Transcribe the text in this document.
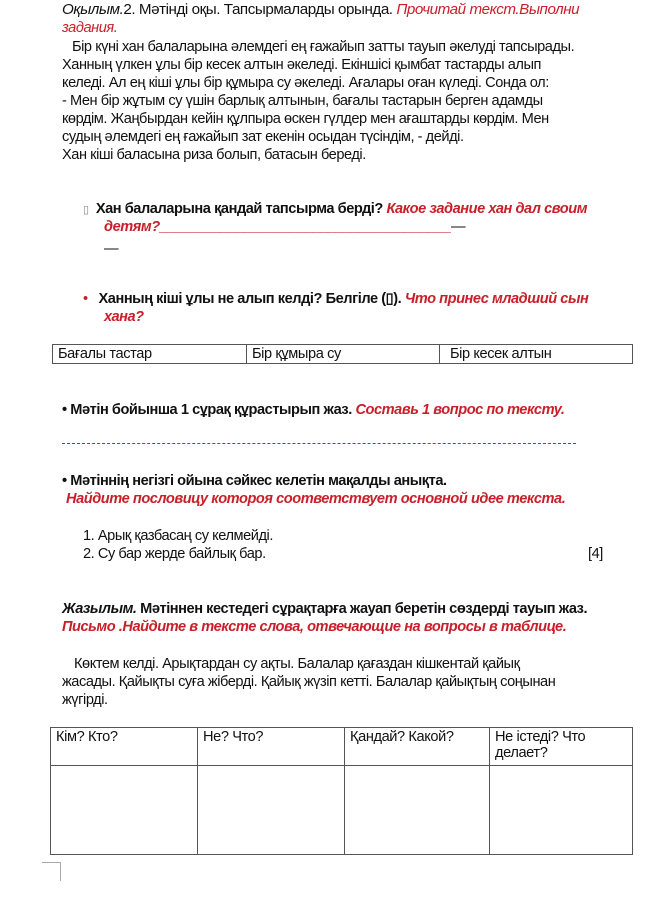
Оқылым.2. Мәтінді оқы. Тапсырмаларды орында. Прочитай текст.Выполни
задания.
Бір күні хан балаларына әлемдегі ең ғажайып затты тауып әкелуді тапсырады.
Ханның үлкен ұлы бір кесек алтын әкеледі. Екіншісі қымбат тастарды алып
келеді. Ал ең кіші ұлы бір құмыра су әкеледі. Ағалары оған күледі. Сонда ол:
- Мен бір жұтым су үшін барлық алтынын, бағалы тастарын берген адамды
көрдім. Жаңбырдан кейін құлпыра өскен гүлдер мен ағаштарды көрдім. Мен
судың әлемдегі ең ғажайып зат екенін осыдан түсіндім, - дейді.
Хан кіші баласына риза болып, батасын береді.
▯ Хан балаларына қандай тапсырма берді? Какое задание хан дал своим
детям?______________________________________—
—
• Ханның кіші ұлы не алып келді? Белгіле (▯). Что принес младший сын
хана?
Бағалы тастар	Бір құмыра су	Бір кесек алтын
• Мәтін бойынша 1 сұрақ құрастырып жаз. Составь 1 вопрос по тексту.
• Мәтіннің негізгі ойына сәйкес келетін мақалды анықта.
Найдите пословицу котороя соответствует основной идее текста.
1. Арық қазбасаң су келмейді.
2. Су бар жерде байлық бар.	[4]
Жазылым. Мәтіннен кестедегі сұрақтарға жауап беретін сөздерді тауып жаз.
Письмо .Найдите в тексте слова, отвечающие на вопросы в таблице.
Көктем келді. Арықтардан су ақты. Балалар қағаздан кішкентай қайық
жасады. Қайықты суға жіберді. Қайық жүзіп кетті. Балалар қайықтың соңынан
жүгірді.
Кім? Кто?	Не? Что?	Қандай? Какой?	Не істеді? Что делает?
